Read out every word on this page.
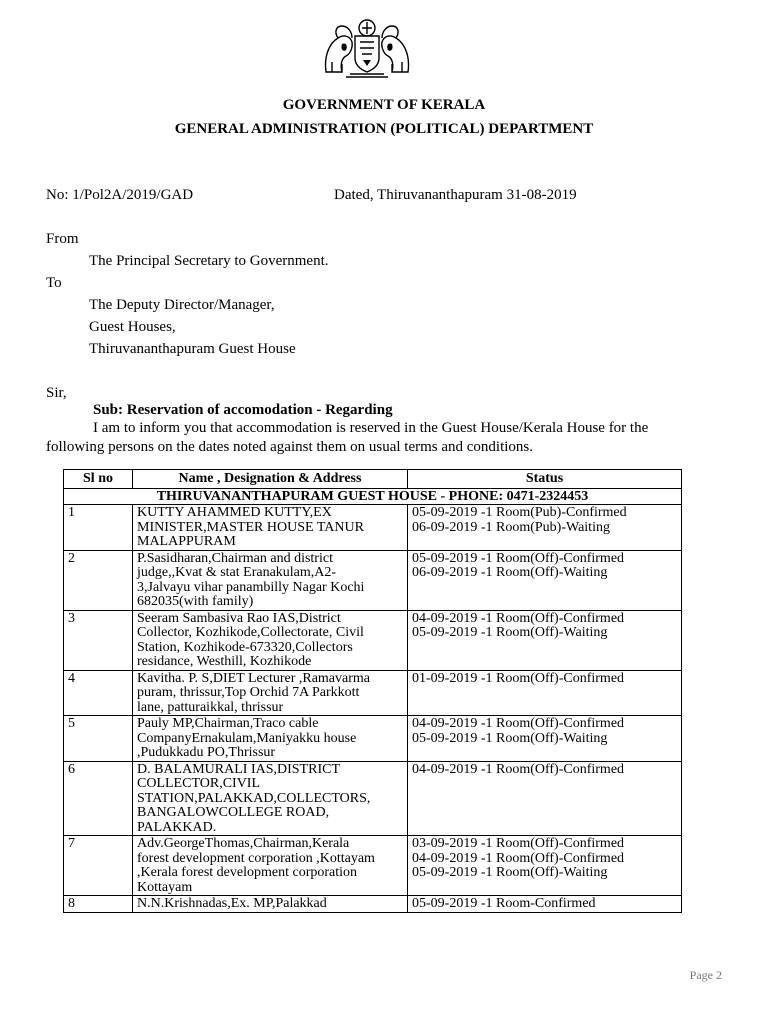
GOVERNMENT OF KERALA
GENERAL ADMINISTRATION (POLITICAL) DEPARTMENT
No: 1/Pol2A/2019/GAD	Dated, Thiruvananthapuram 31-08-2019
From
The Principal Secretary to Government.
To
The Deputy Director/Manager,
Guest Houses,
Thiruvananthapuram Guest House
Sir,
Sub: Reservation of accomodation - Regarding
I am to inform you that accommodation is reserved in the Guest House/Kerala House for the
following persons on the dates noted against them on usual terms and conditions.
Sl no	Name , Designation & Address	Status
THIRUVANANTHAPURAM GUEST HOUSE - PHONE: 0471-2324453		
1	KUTTY AHAMMED KUTTY,EX
MINISTER,MASTER HOUSE TANUR
MALAPPURAM	05-09-2019 -1 Room(Pub)-Confirmed
06-09-2019 -1 Room(Pub)-Waiting

2	P.Sasidharan,Chairman and district
judge,,Kvat & stat Eranakulam,A2-
3,Jalvayu vihar panambilly Nagar Kochi
682035(with family)	05-09-2019 -1 Room(Off)-Confirmed
06-09-2019 -1 Room(Off)-Waiting

3	Seeram Sambasiva Rao IAS,District
Collector, Kozhikode,Collectorate, Civil
Station, Kozhikode-673320,Collectors
residance, Westhill, Kozhikode	04-09-2019 -1 Room(Off)-Confirmed
05-09-2019 -1 Room(Off)-Waiting

4	Kavitha. P. S,DIET Lecturer ,Ramavarma
puram, thrissur,Top Orchid 7A Parkkott
lane, patturaikkal, thrissur	01-09-2019 -1 Room(Off)-Confirmed

5	Pauly MP,Chairman,Traco cable
CompanyErnakulam,Maniyakku house
,Pudukkadu PO,Thrissur	04-09-2019 -1 Room(Off)-Confirmed
05-09-2019 -1 Room(Off)-Waiting

6	D. BALAMURALI IAS,DISTRICT
COLLECTOR,CIVIL
STATION,PALAKKAD,COLLECTORS,
BANGALOWCOLLEGE ROAD,
PALAKKAD.	04-09-2019 -1 Room(Off)-Confirmed

7	Adv.GeorgeThomas,Chairman,Kerala
forest development corporation ,Kottayam
,Kerala forest development corporation
Kottayam	03-09-2019 -1 Room(Off)-Confirmed
04-09-2019 -1 Room(Off)-Confirmed
05-09-2019 -1 Room(Off)-Waiting

8	N.N.Krishnadas,Ex. MP,Palakkad	05-09-2019 -1 Room-Confirmed
Page 2
